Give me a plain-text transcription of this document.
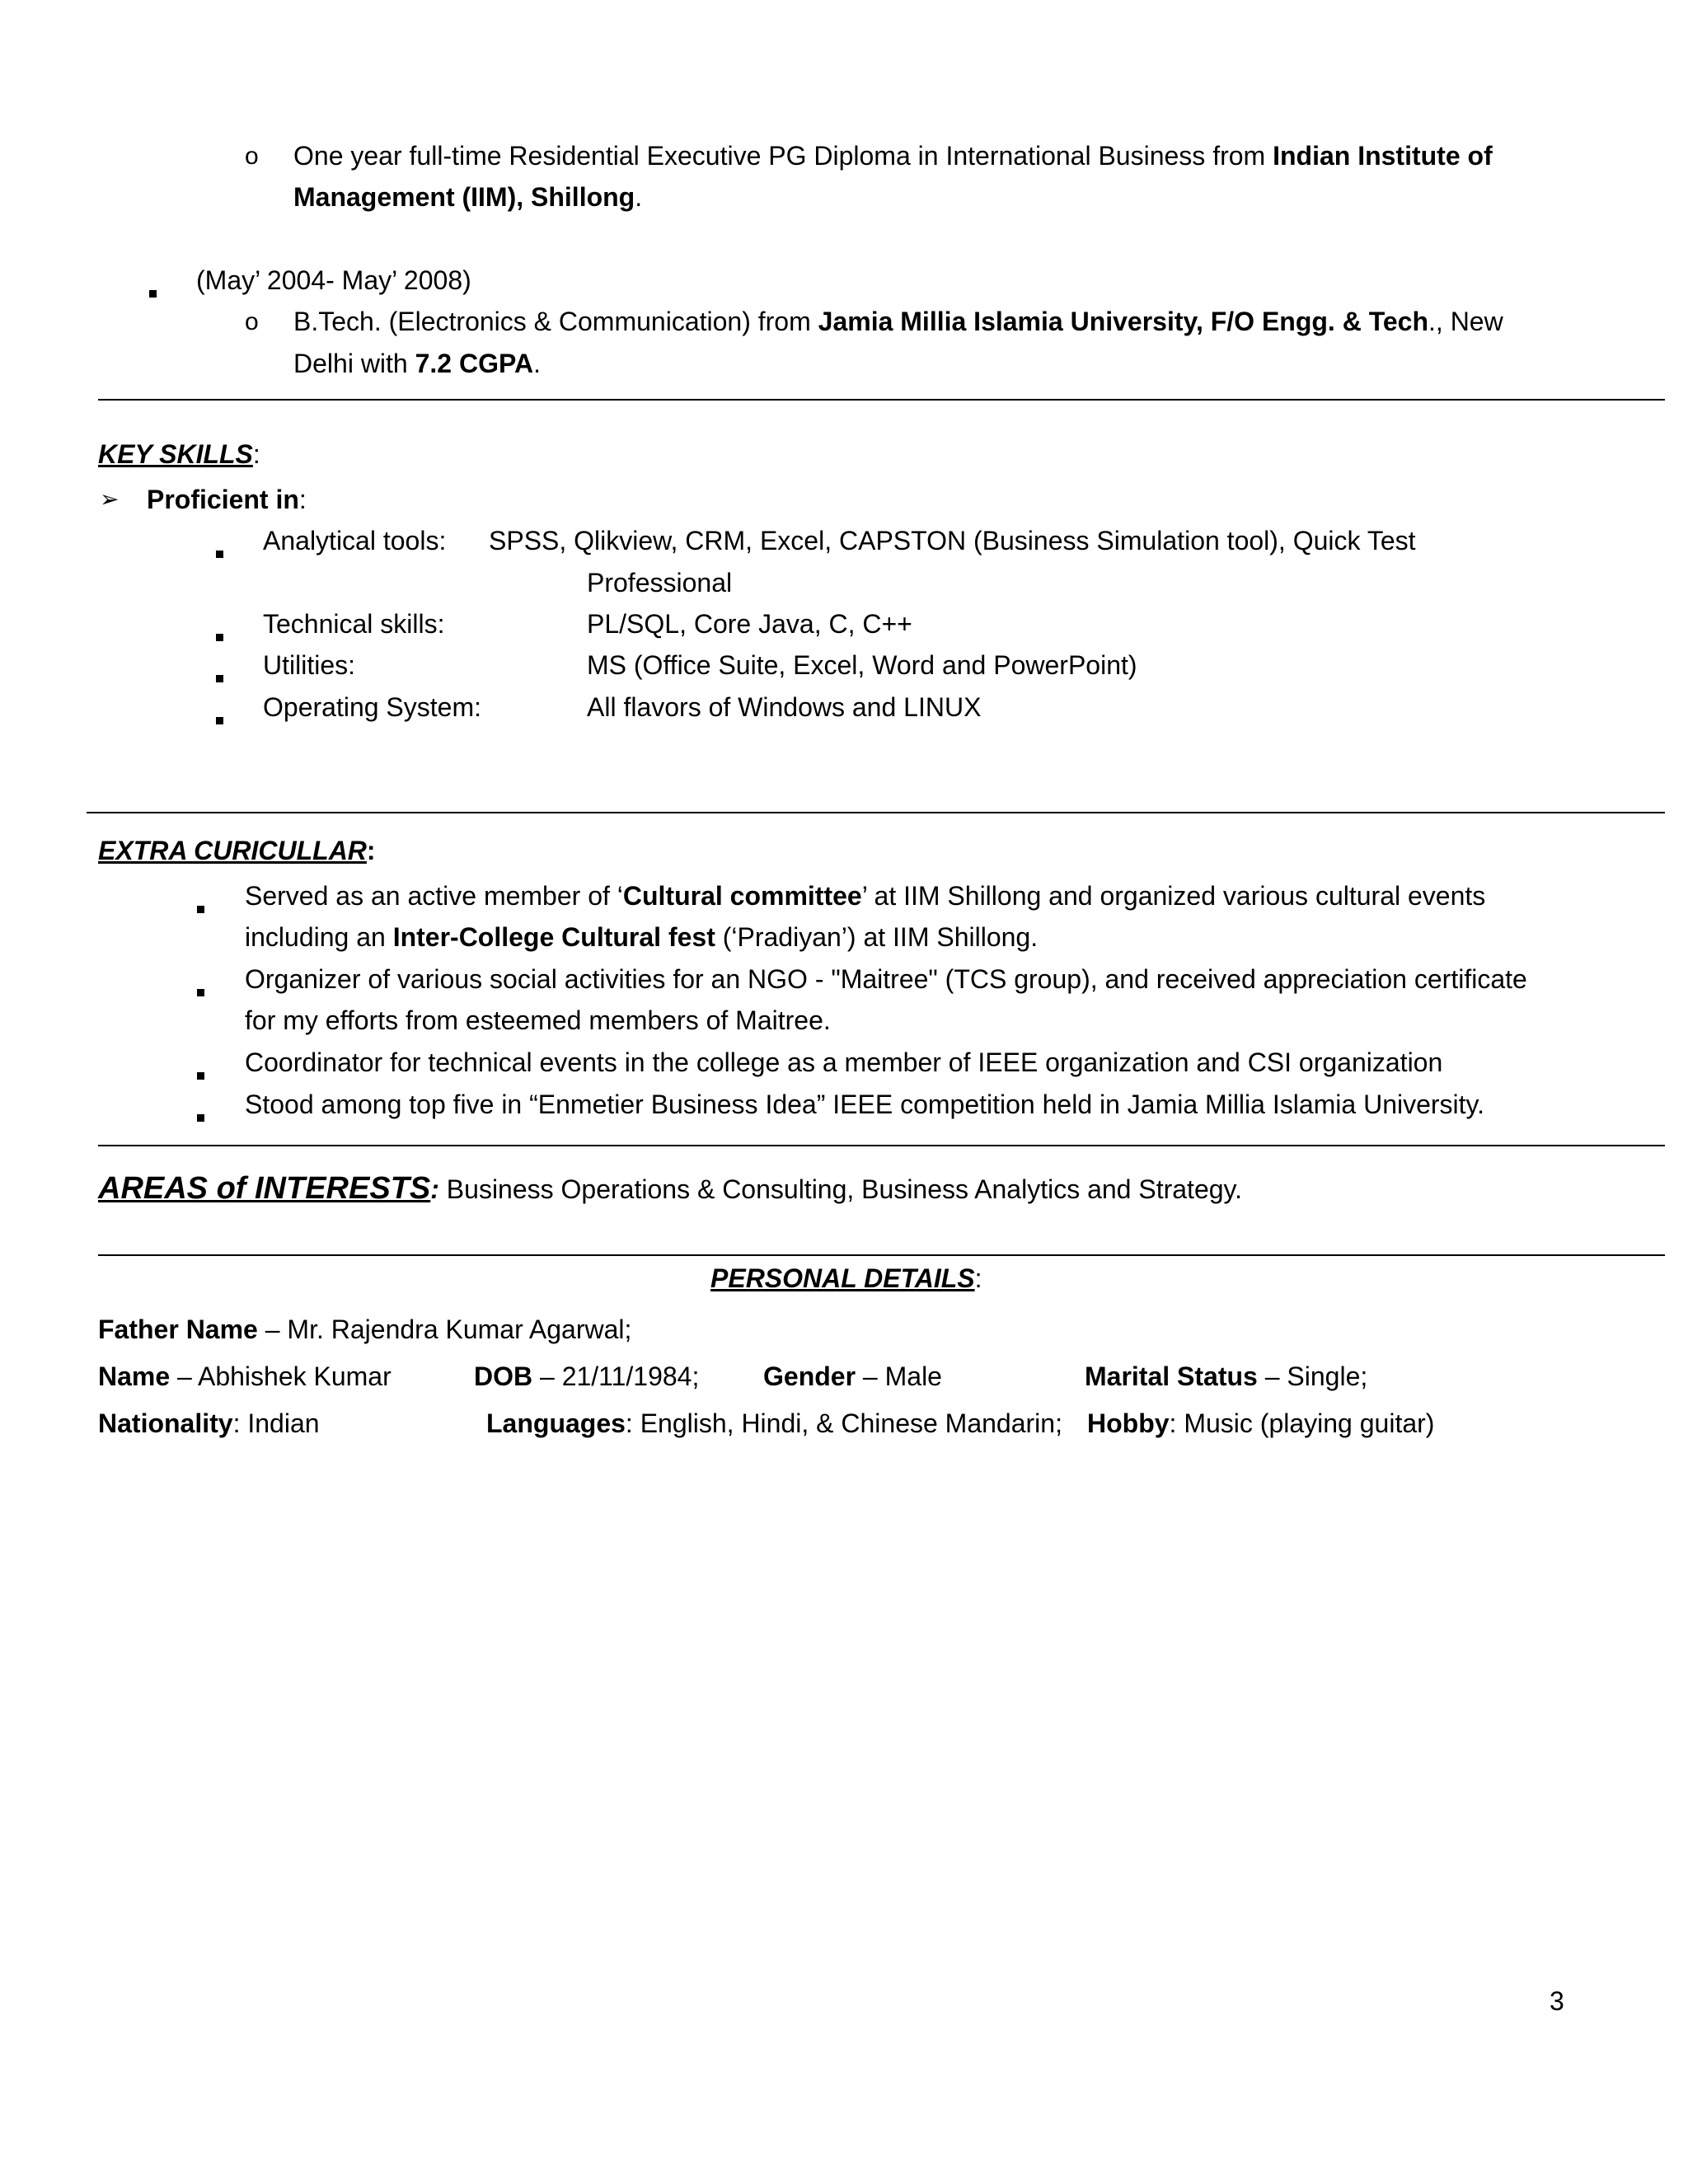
o One year full-time Residential Executive PG Diploma in International Business from Indian Institute of
Management (IIM), Shillong.
(May’ 2004- May’ 2008)
o B.Tech. (Electronics & Communication) from Jamia Millia Islamia University, F/O Engg. & Tech., New
Delhi with 7.2 CGPA.
KEY SKILLS:
➢ Proficient in:
Analytical tools: SPSS, Qlikview, CRM, Excel, CAPSTON (Business Simulation tool), Quick Test
Professional
Technical skills:	PL/SQL, Core Java, C, C++
Utilities:	MS (Office Suite, Excel, Word and PowerPoint)
Operating System:	All flavors of Windows and LINUX
EXTRA CURICULLAR:
Served as an active member of ‘Cultural committee’ at IIM Shillong and organized various cultural events
including an Inter-College Cultural fest (‘Pradiyan’) at IIM Shillong.
Organizer of various social activities for an NGO - "Maitree" (TCS group), and received appreciation certificate
for my efforts from esteemed members of Maitree.
Coordinator for technical events in the college as a member of IEEE organization and CSI organization
Stood among top five in “Enmetier Business Idea” IEEE competition held in Jamia Millia Islamia University.
AREAS of INTERESTS: Business Operations & Consulting, Business Analytics and Strategy.
PERSONAL DETAILS:
Father Name – Mr. Rajendra Kumar Agarwal;
Name – Abhishek Kumar	DOB – 21/11/1984; Gender – Male	Marital Status – Single;
Nationality: Indian	Languages: English, Hindi, & Chinese Mandarin; Hobby: Music (playing guitar)
3
